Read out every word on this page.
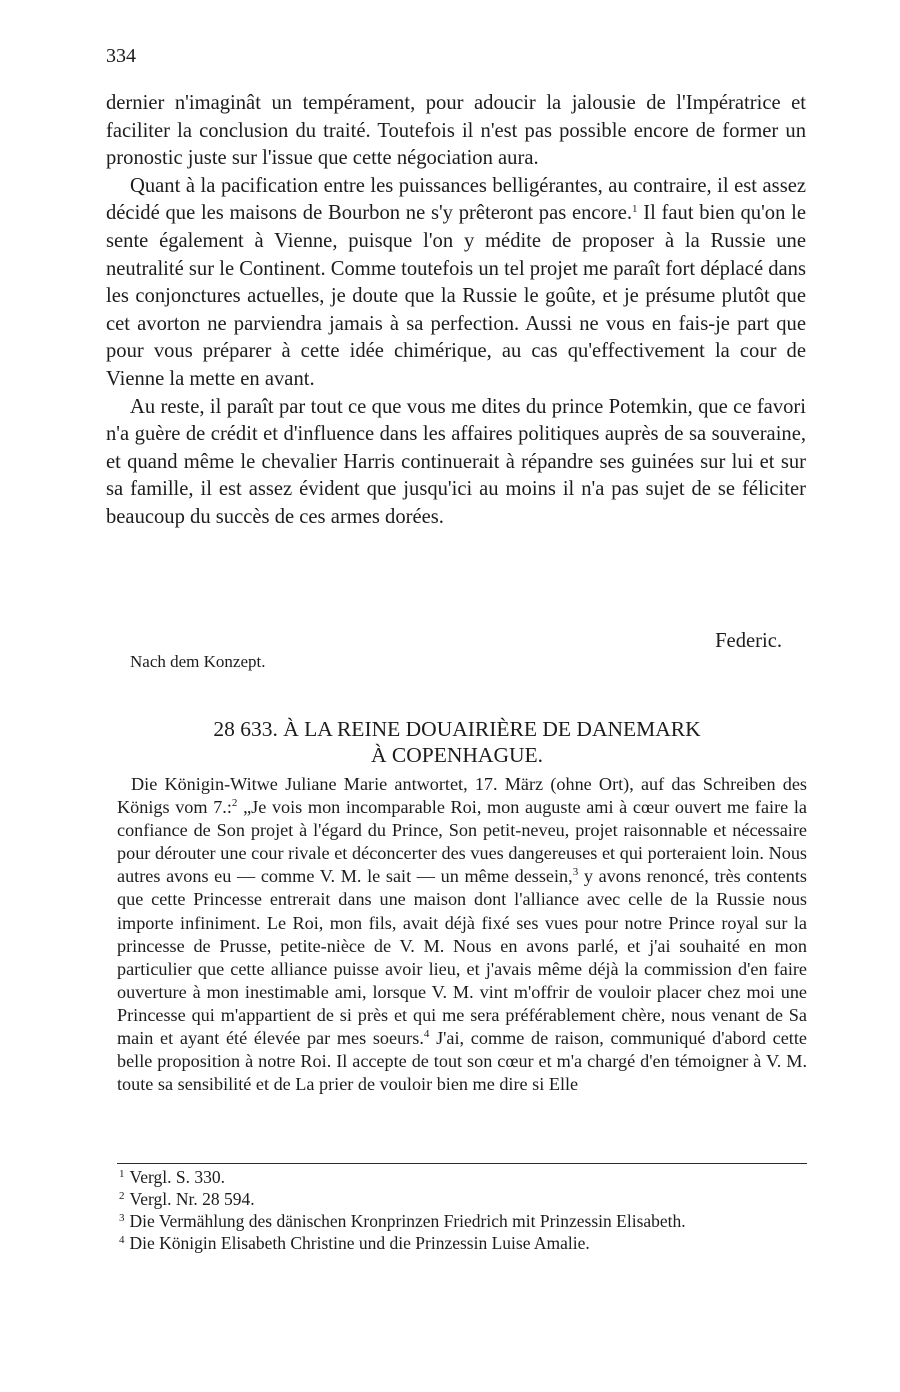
334

dernier n'imaginât un tempérament, pour adoucir la jalousie de l'Impératrice et faciliter la conclusion du traité. Toutefois il n'est pas possible encore de former un pronostic juste sur l'issue que cette négociation aura.

Quant à la pacification entre les puissances belligérantes, au contraire, il est assez décidé que les maisons de Bourbon ne s'y prêteront pas encore.$^1$ Il faut bien qu'on le sente également à Vienne, puisque l'on y médite de proposer à la Russie une neutralité sur le Continent. Comme toutefois un tel projet me paraît fort déplacé dans les conjonctures actuelles, je doute que la Russie le goûte, et je présume plutôt que cet avorton ne parviendra jamais à sa perfection. Aussi ne vous en fais-je part que pour vous préparer à cette idée chimérique, au cas qu'effectivement la cour de Vienne la mette en avant.

Au reste, il paraît par tout ce que vous me dites du prince Potemkin, que ce favori n'a guère de crédit et d'influence dans les affaires politiques auprès de sa souveraine, et quand même le chevalier Harris continuerait à répandre ses guinées sur lui et sur sa famille, il est assez évident que jusqu'ici au moins il n'a pas sujet de se féliciter beaucoup du succès de ces armes dorées.

Federic.
Nach dem Konzept.
28 633. À LA REINE DOUAIRIÈRE DE DANEMARK
À COPENHAGUE.

Die Königin-Witwe Juliane Marie antwortet, 17. März (ohne Ort), auf das Schreiben des Königs vom 7.:$^2$ „Je vois mon incomparable Roi, mon auguste ami à cœur ouvert me faire la confiance de Son projet à l'égard du Prince, Son petit-neveu, projet raisonnable et nécessaire pour dérouter une cour rivale et déconcerter des vues dangereuses et qui porteraient loin. Nous autres avons eu — comme V. M. le sait — un même dessein,$^3$ y avons renoncé, très contents que cette Princesse entrerait dans une maison dont l'alliance avec celle de la Russie nous importe infiniment. Le Roi, mon fils, avait déjà fixé ses vues pour notre Prince royal sur la princesse de Prusse, petite-nièce de V. M. Nous en avons parlé, et j'ai souhaité en mon particulier que cette alliance puisse avoir lieu, et j'avais même déjà la commission d'en faire ouverture à mon inestimable ami, lorsque V. M. vint m'offrir de vouloir placer chez moi une Princesse qui m'appartient de si près et qui me sera préférablement chère, nous venant de Sa main et ayant été élevée par mes soeurs.$^4$ J'ai, comme de raison, communiqué d'abord cette belle proposition à notre Roi. Il accepte de tout son cœur et m'a chargé d'en témoigner à V. M. toute sa sensibilité et de La prier de vouloir bien me dire si Elle

$^1$ Vergl. S. 330.
$^2$ Vergl. Nr. 28 594.
$^3$ Die Vermählung des dänischen Kronprinzen Friedrich mit Prinzessin Elisabeth.
$^4$ Die Königin Elisabeth Christine und die Prinzessin Luise Amalie.
